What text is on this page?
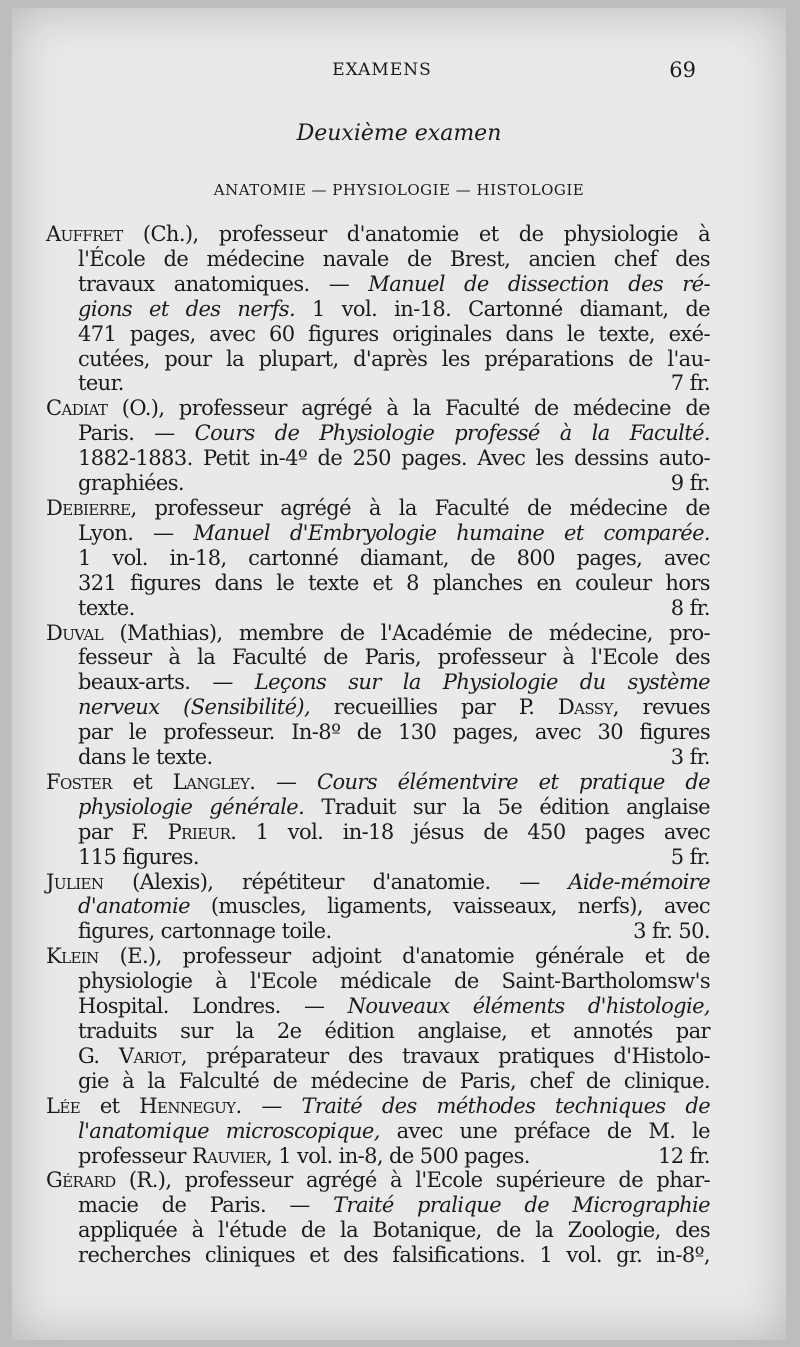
EXAMENS	69
Deuxième examen
ANATOMIE — PHYSIOLOGIE — HISTOLOGIE
Auffret (Ch.), professeur d'anatomie et de physiologie à
l'École de médecine navale de Brest, ancien chef des
travaux anatomiques. — Manuel de dissection des ré-
gions et des nerfs. 1 vol. in-18. Cartonné diamant, de
471 pages, avec 60 figures originales dans le texte, exé-
cutées, pour la plupart, d'après les préparations de l'au-
teur.	7 fr.
Cadiat (O.), professeur agrégé à la Faculté de médecine de
Paris. — Cours de Physiologie professé à la Faculté.
1882-1883. Petit in-4º de 250 pages. Avec les dessins auto-
graphiées.	9 fr.
Debierre, professeur agrégé à la Faculté de médecine de
Lyon. — Manuel d'Embryologie humaine et comparée.
1 vol. in-18, cartonné diamant, de 800 pages, avec
321 figures dans le texte et 8 planches en couleur hors
texte.	8 fr.
Duval (Mathias), membre de l'Académie de médecine, pro-
fesseur à la Faculté de Paris, professeur à l'Ecole des
beaux-arts. — Leçons sur la Physiologie du système
nerveux (Sensibilité), recueillies par P. Dassy, revues
par le professeur. In-8º de 130 pages, avec 30 figures
dans le texte.	3 fr.
Foster et Langley. — Cours élémentvire et pratique de
physiologie générale. Traduit sur la 5e édition anglaise
par F. Prieur. 1 vol. in-18 jésus de 450 pages avec
115 figures.	5 fr.
Julien (Alexis), répétiteur d'anatomie. — Aide-mémoire
d'anatomie (muscles, ligaments, vaisseaux, nerfs), avec
figures, cartonnage toile.	3 fr. 50.
Klein (E.), professeur adjoint d'anatomie générale et de
physiologie à l'Ecole médicale de Saint-Bartholomsw's
Hospital. Londres. — Nouveaux éléments d'histologie,
traduits sur la 2e édition anglaise, et annotés par
G. Variot, préparateur des travaux pratiques d'Histolo-
gie à la Falculté de médecine de Paris, chef de clinique.
Lée et Henneguy. — Traité des méthodes techniques de
l'anatomique microscopique, avec une préface de M. le
professeur Rauvier, 1 vol. in-8, de 500 pages.	12 fr.
Gérard (R.), professeur agrégé à l'Ecole supérieure de phar-
macie de Paris. — Traité pralique de Micrographie
appliquée à l'étude de la Botanique, de la Zoologie, des
recherches cliniques et des falsifications. 1 vol. gr. in-8º,
